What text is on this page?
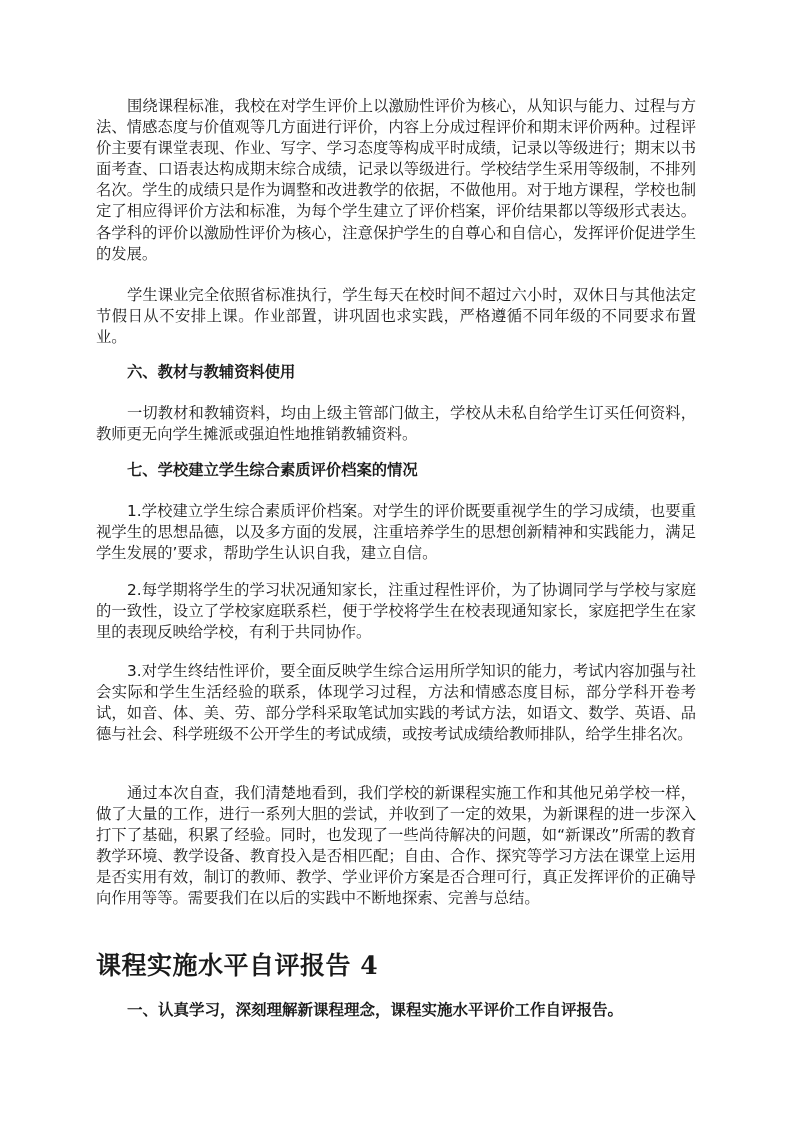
围绕课程标准，我校在对学生评价上以激励性评价为核心，从知识与能力、过程与方法、情感态度与价值观等几方面进行评价，内容上分成过程评价和期末评价两种。过程评价主要有课堂表现、作业、写字、学习态度等构成平时成绩，记录以等级进行；期末以书面考查、口语表达构成期末综合成绩，记录以等级进行。学校结学生采用等级制，不排列名次。学生的成绩只是作为调整和改进教学的依据，不做他用。对于地方课程，学校也制定了相应得评价方法和标准，为每个学生建立了评价档案，评价结果都以等级形式表达。各学科的评价以激励性评价为核心，注意保护学生的自尊心和自信心，发挥评价促进学生的发展。

学生课业完全依照省标准执行，学生每天在校时间不超过六小时，双休日与其他法定节假日从不安排上课。作业部置，讲巩固也求实践，严格遵循不同年级的不同要求布置业。

六、教材与教辅资料使用

一切教材和教辅资料，均由上级主管部门做主，学校从未私自给学生订买任何资料，教师更无向学生摊派或强迫性地推销教辅资料。

七、学校建立学生综合素质评价档案的情况

1.学校建立学生综合素质评价档案。对学生的评价既要重视学生的学习成绩，也要重视学生的思想品德，以及多方面的发展，注重培养学生的思想创新精神和实践能力，满足学生发展的’要求，帮助学生认识自我，建立自信。

2.每学期将学生的学习状况通知家长，注重过程性评价，为了协调同学与学校与家庭的一致性，设立了学校家庭联系栏，便于学校将学生在校表现通知家长，家庭把学生在家里的表现反映给学校，有利于共同协作。

3.对学生终结性评价，要全面反映学生综合运用所学知识的能力，考试内容加强与社会实际和学生生活经验的联系，体现学习过程，方法和情感态度目标，部分学科开卷考试，如音、体、美、劳、部分学科采取笔试加实践的考试方法，如语文、数学、英语、品德与社会、科学班级不公开学生的考试成绩，或按考试成绩给教师排队，给学生排名次。

通过本次自查，我们清楚地看到，我们学校的新课程实施工作和其他兄弟学校一样，做了大量的工作，进行一系列大胆的尝试，并收到了一定的效果，为新课程的进一步深入打下了基础，积累了经验。同时，也发现了一些尚待解决的问题，如“新课改”所需的教育教学环境、教学设备、教育投入是否相匹配；自由、合作、探究等学习方法在课堂上运用是否实用有效，制订的教师、教学、学业评价方案是否合理可行，真正发挥评价的正确导向作用等等。需要我们在以后的实践中不断地探索、完善与总结。

课程实施水平自评报告 4

一、认真学习，深刻理解新课程理念，课程实施水平评价工作自评报告。
